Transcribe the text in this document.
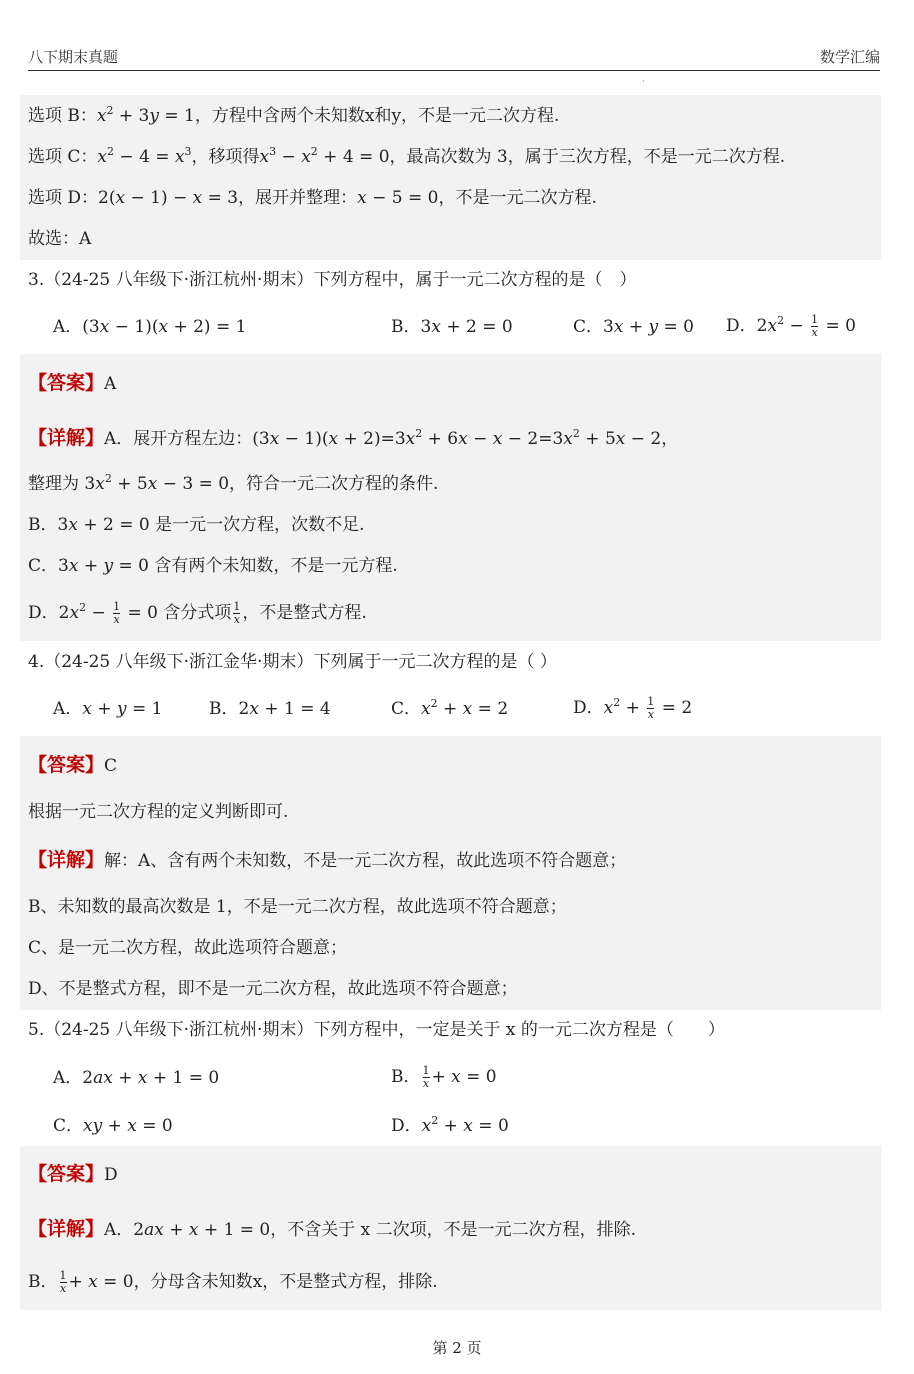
八下期末真题	数学汇编
·
选项 B：$x^2 + 3y = 1$，方程中含两个未知数x和y，不是一元二次方程.
选项 C：$x^2 - 4 = x^3$，移项得$x^3 - x^2 + 4 = 0$，最高次数为 3，属于三次方程，不是一元二次方程.
选项 D：2(x − 1) − x = 3，展开并整理：x − 5 = 0，不是一元二次方程.
故选：A
3.（24-25 八年级下·浙江杭州·期末）下列方程中，属于一元二次方程的是（　）
A．(3x − 1)(x + 2) = 1	B．3x + 2 = 0	C．3x + y = 0 D．$2x^2 - \frac{1}{x} = 0$
【答案】A
【详解】A．展开方程左边：$(3x - 1)(x + 2)=3x^2 + 6x - x - 2=3x^2 + 5x - 2$，
整理为 $3x^2 + 5x - 3 = 0$，符合一元二次方程的条件.
B．3x + 2 = 0 是一元一次方程，次数不足.
C．3x + y = 0 含有两个未知数，不是一元方程.
D．$2x^2 - \frac{1}{x} = 0$ 含分式项 $\frac{1}{x}$ ，不是整式方程.
4.（24-25 八年级下·浙江金华·期末）下列属于一元二次方程的是（ ）
A．x + y = 1	B．2x + 1 = 4	C．$x^2 + x = 2$	D．$x^2 + \frac{1}{x} = 2$
【答案】C
根据一元二次方程的定义判断即可.
【详解】解：A、含有两个未知数，不是一元二次方程，故此选项不符合题意；
B、未知数的最高次数是 1，不是一元二次方程，故此选项不符合题意；
C、是一元二次方程，故此选项符合题意；
D、不是整式方程，即不是一元二次方程，故此选项不符合题意；
5.（24-25 八年级下·浙江杭州·期末）下列方程中，一定是关于 x 的一元二次方程是（　　）
A．2ax + x + 1 = 0	B． $\frac{1}{x} + x = 0$
C．xy + x = 0	D．$x^2 + x = 0$
【答案】D
【详解】A．2ax + x + 1 = 0，不含关于 x 二次项，不是一元二次方程，排除.
B． $\frac{1}{x} + x = 0$，分母含未知数x，不是整式方程，排除.
第 2 页
